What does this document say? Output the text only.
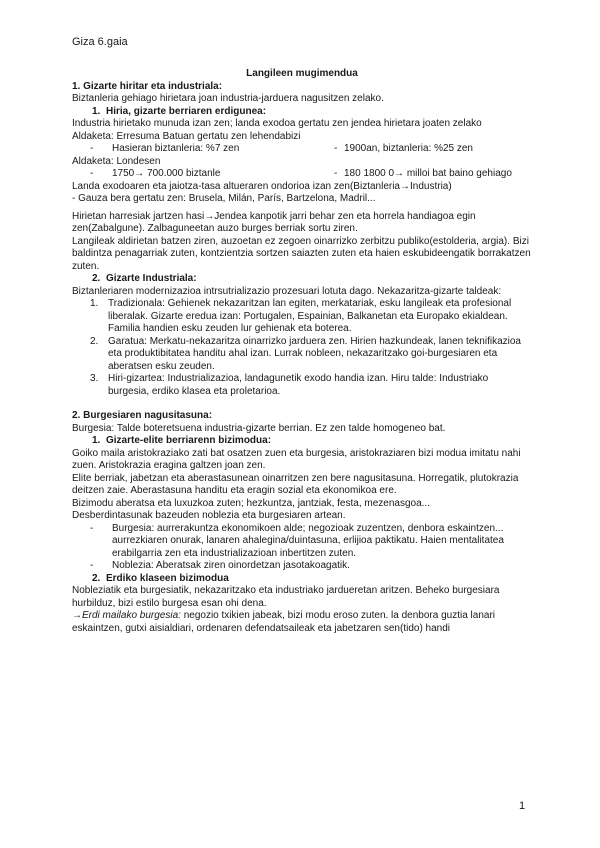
Giza 6.gaia

Langileen mugimendua

1. Gizarte hiritar eta industriala:

Biztanleria gehiago hirietara joan industria-jarduera nagusitzen zelako.

1. Hiria, gizarte berriaren erdigunea:

Industria hirietako munuda izan zen; landa exodoa gertatu zen jendea hirietara joaten zelako

Aldaketa: Erresuma Batuan gertatu zen lehendabizi

-	Hasieran biztanleria: %7 zen	- 1900an, biztanleria: %25 zen

Aldaketa: Londesen

-	1750→ 700.000 biztanle	- 180 1800 0→ milloi bat baino gehiago

Landa exodoaren eta jaiotza-tasa altueraren ondorioa izan zen(Biztanleria→Industria)

- Gauza bera gertatu zen: Brusela, Milán, París, Bartzelona, Madril...

Hirietan harresiak jartzen hasi→Jendea kanpotik jarri behar zen eta horrela handiagoa egin zen(Zabalgune). Zalbaguneetan auzo burges berriak sortu ziren.

Langileak aldirietan batzen ziren, auzoetan ez zegoen oinarrizko zerbitzu publiko(estolderia, argia). Bizi baldintza penagarriak zuten, kontzientzia sortzen saiazten zuten eta haien eskubideengatik borrakatzen zuten.

2. Gizarte Industriala:

Biztanleriaren modernizazioa intrsutrializazio prozesuari lotuta dago. Nekazaritza-gizarte taldeak:

1. Tradizionala: Gehienek nekazaritzan lan egiten, merkatariak, esku langileak eta profesional liberalak. Gizarte eredua izan: Portugalen, Espainian, Balkanetan eta Europako ekialdean. Familia handien esku zeuden lur gehienak eta boterea.
2. Garatua: Merkatu-nekazaritza oinarrizko jarduera zen. Hirien hazkundeak, lanen teknifikazioa eta produktibitatea handitu ahal izan. Lurrak nobleen, nekazaritzako goi-burgesiaren eta aberatsen esku zeuden.
3. Hiri-gizartea: Industrializazioa, landagunetik exodo handia izan. Hiru talde: Industriako burgesia, erdiko klasea eta proletarioa.

2. Burgesiaren nagusitasuna:

Burgesia: Talde boteretsuena industria-gizarte berrian. Ez zen talde homogeneo bat.

1. Gizarte-elite berriarenn bizimodua:

Goiko maila aristokraziako zati bat osatzen zuen eta burgesia, aristokraziaren bizi modua imitatu nahi zuen. Aristokrazia eragina galtzen joan zen.

Elite berriak, jabetzan eta aberastasunean oinarritzen zen bere nagusitasuna. Horregatik, plutokrazia deitzen zaie. Aberastasuna handitu eta eragin sozial eta ekonomikoa ere.

Bizimodu aberatsa eta luxuzkoa zuten; hezkuntza, jantziak, festa, mezenasgoa...

Desberdintasunak bazeuden noblezia eta burgesiaren artean.

-	Burgesia: aurrerakuntza ekonomikoen alde; negozioak zuzentzen, denbora eskaintzen... aurrezkiaren onurak, lanaren ahalegina/duintasuna, erlijioa paktikatu. Haien mentalitatea erabilgarria zen eta industrializazioan inbertitzen zuten.
-	Noblezia: Aberatsak ziren oinordetzan jasotakoagatik.

2. Erdiko klaseen bizimodua

Nobleziatik eta burgesiatik, nekazaritzako eta industriako jardueretan aritzen. Beheko burgesiara hurbilduz, bizi estilo burgesa esan ohi dena.

→Erdi mailako burgesia: negozio txikien jabeak, bizi modu eroso zuten. la denbora guztia lanari eskaintzen, gutxi aisialdiari, ordenaren defendatsaileak eta jabetzaren sen(tido) handi

1
